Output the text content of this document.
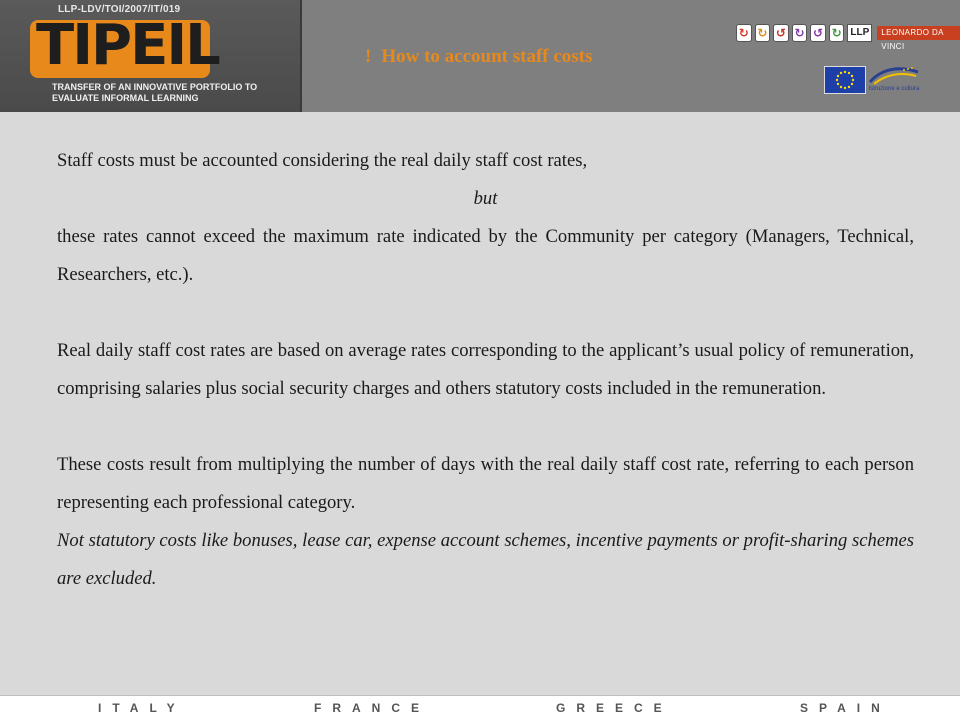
LLP-LDV/TOI/2007/IT/019
TIPEIL
TRANSFER OF AN INNOVATIVE PORTFOLIO TO EVALUATE INFORMAL LEARNING
! How to account staff costs
↻ ↻ ↺ ↻ ↺ ↻ LLP	LEONARDO DA VINCI
Istruzione e cultura

Staff costs must be accounted considering the real daily staff cost rates,

but

these rates cannot exceed the maximum rate indicated by the Community per category (Managers, Technical, Researchers, etc.).

Real daily staff cost rates are based on average rates corresponding to the applicant’s usual policy of remuneration, comprising salaries plus social security charges and others statutory costs included in the remuneration.

These costs result from multiplying the number of days with the real daily staff cost rate, referring to each person representing each professional category.

Not statutory costs like bonuses, lease car, expense account schemes, incentive payments or profit-sharing schemes are excluded.

ITALY	FRANCE	GREECE	SPAIN
